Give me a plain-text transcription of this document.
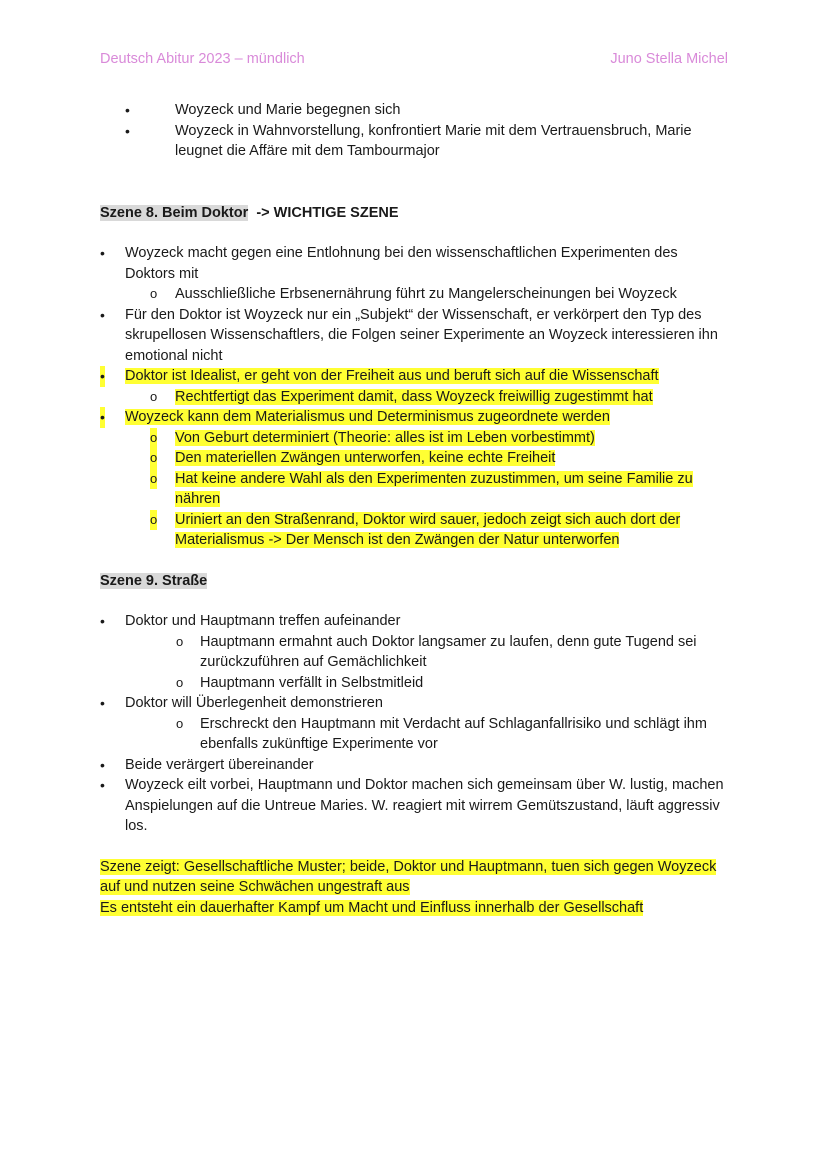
Deutsch Abitur 2023 – mündlich	Juno Stella Michel
•	Woyzeck und Marie begegnen sich
•	Woyzeck in Wahnvorstellung, konfrontiert Marie mit dem Vertrauensbruch, Marie leugnet die Affäre mit dem Tambourmajor
Szene 8. Beim Doktor -> WICHTIGE SZENE
• Woyzeck macht gegen eine Entlohnung bei den wissenschaftlichen Experimenten des Doktors mit
o Ausschließliche Erbsenernährung führt zu Mangelerscheinungen bei Woyzeck
• Für den Doktor ist Woyzeck nur ein „Subjekt“ der Wissenschaft, er verkörpert den Typ des skrupellosen Wissenschaftlers, die Folgen seiner Experimente an Woyzeck interessieren ihn emotional nicht
• Doktor ist Idealist, er geht von der Freiheit aus und beruft sich auf die Wissenschaft
o Rechtfertigt das Experiment damit, dass Woyzeck freiwillig zugestimmt hat
• Woyzeck kann dem Materialismus und Determinismus zugeordnete werden
o Von Geburt determiniert (Theorie: alles ist im Leben vorbestimmt)
o Den materiellen Zwängen unterworfen, keine echte Freiheit
o Hat keine andere Wahl als den Experimenten zuzustimmen, um seine Familie zu nähren
o Uriniert an den Straßenrand, Doktor wird sauer, jedoch zeigt sich auch dort der Materialismus -> Der Mensch ist den Zwängen der Natur unterworfen
Szene 9. Straße
• Doktor und Hauptmann treffen aufeinander
o Hauptmann ermahnt auch Doktor langsamer zu laufen, denn gute Tugend sei zurückzuführen auf Gemächlichkeit
o Hauptmann verfällt in Selbstmitleid
• Doktor will Überlegenheit demonstrieren
o Erschreckt den Hauptmann mit Verdacht auf Schlaganfallrisiko und schlägt ihm ebenfalls zukünftige Experimente vor
• Beide verärgert übereinander
• Woyzeck eilt vorbei, Hauptmann und Doktor machen sich gemeinsam über W. lustig, machen Anspielungen auf die Untreue Maries. W. reagiert mit wirrem Gemütszustand, läuft aggressiv los.
Szene zeigt: Gesellschaftliche Muster; beide, Doktor und Hauptmann, tuen sich gegen Woyzeck auf und nutzen seine Schwächen ungestraft aus
Es entsteht ein dauerhafter Kampf um Macht und Einfluss innerhalb der Gesellschaft
